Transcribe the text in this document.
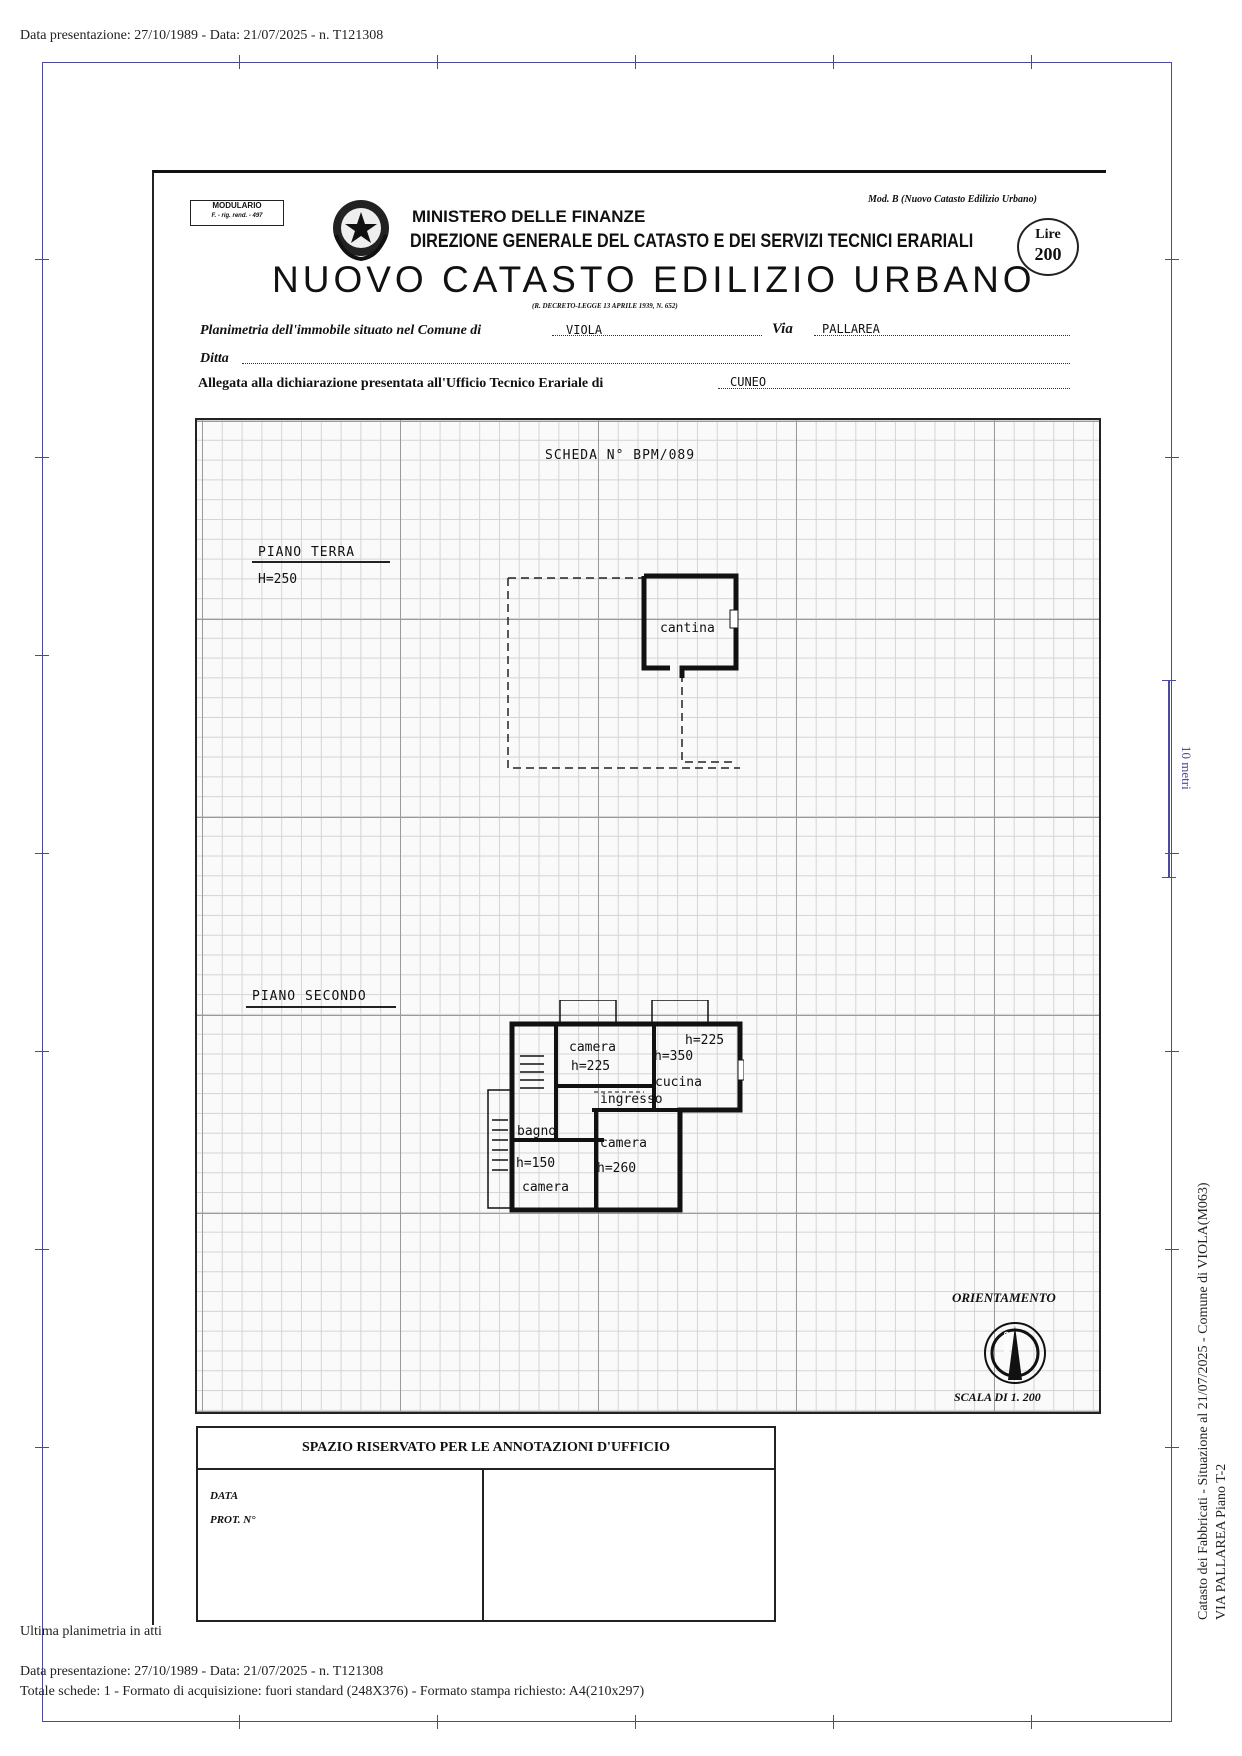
Data presentazione: 27/10/1989 - Data: 21/07/2025 - n. T121308
MODULARIO
F. - rig. rend. - 497
Mod. B (Nuovo Catasto Edilizio Urbano)
MINISTERO DELLE FINANZE
DIREZIONE GENERALE DEL CATASTO E DEI SERVIZI TECNICI ERARIALI
NUOVO CATASTO EDILIZIO URBANO
(R. DECRETO-LEGGE 13 APRILE 1939, N. 652)
Lire
200
Planimetria dell'immobile situato nel Comune di	VIOLA	Via PALLAREA
Ditta
Allegata alla dichiarazione presentata all'Ufficio Tecnico Erariale di	CUNEO
SCHEDA N° BPM/089
PIANO TERRA
H=250
cantina
PIANO SECONDO
camera
h=225
h=350
h=225
cucina
ingresso
bagno
camera
h=150	h=260
camera
ORIENTAMENTO
NORD
SCALA DI 1. 200
SPAZIO RISERVATO PER LE ANNOTAZIONI D'UFFICIO
DATA
PROT. N°
10 metri
Catasto dei Fabbricati - Situazione al 21/07/2025 - Comune di VIOLA(M063) VIA PALLAREA Piano T-2
Ultima planimetria in atti
Data presentazione: 27/10/1989 - Data: 21/07/2025 - n. T121308
Totale schede: 1 - Formato di acquisizione: fuori standard (248X376) - Formato stampa richiesto: A4(210x297)
